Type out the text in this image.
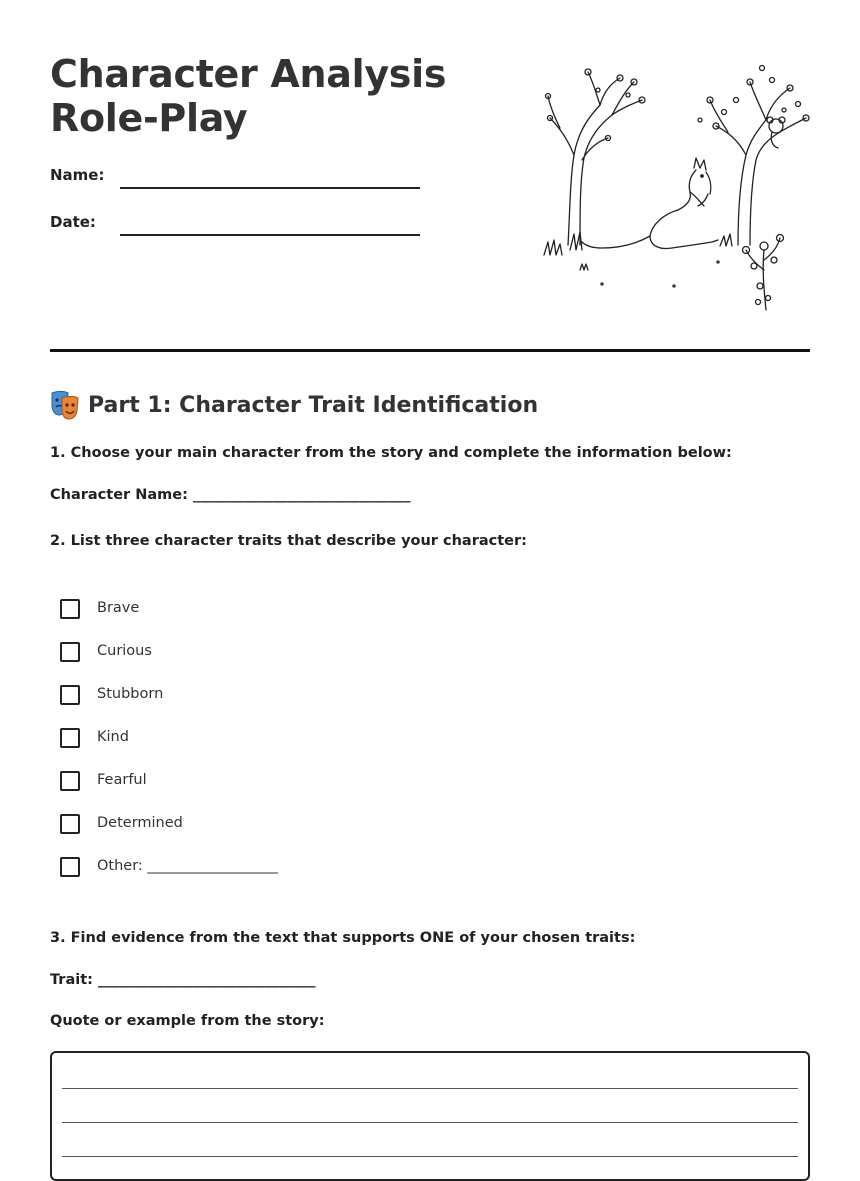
Character Analysis Role-Play
Name:
Date:
Part 1: Character Trait Identification
1. Choose your main character from the story and complete the information below:
Character Name: ______________________________
2. List three character traits that describe your character:
Brave
Curious
Stubborn
Kind
Fearful
Determined
Other: __________________
3. Find evidence from the text that supports ONE of your chosen traits:
Trait: ______________________________
Quote or example from the story:
